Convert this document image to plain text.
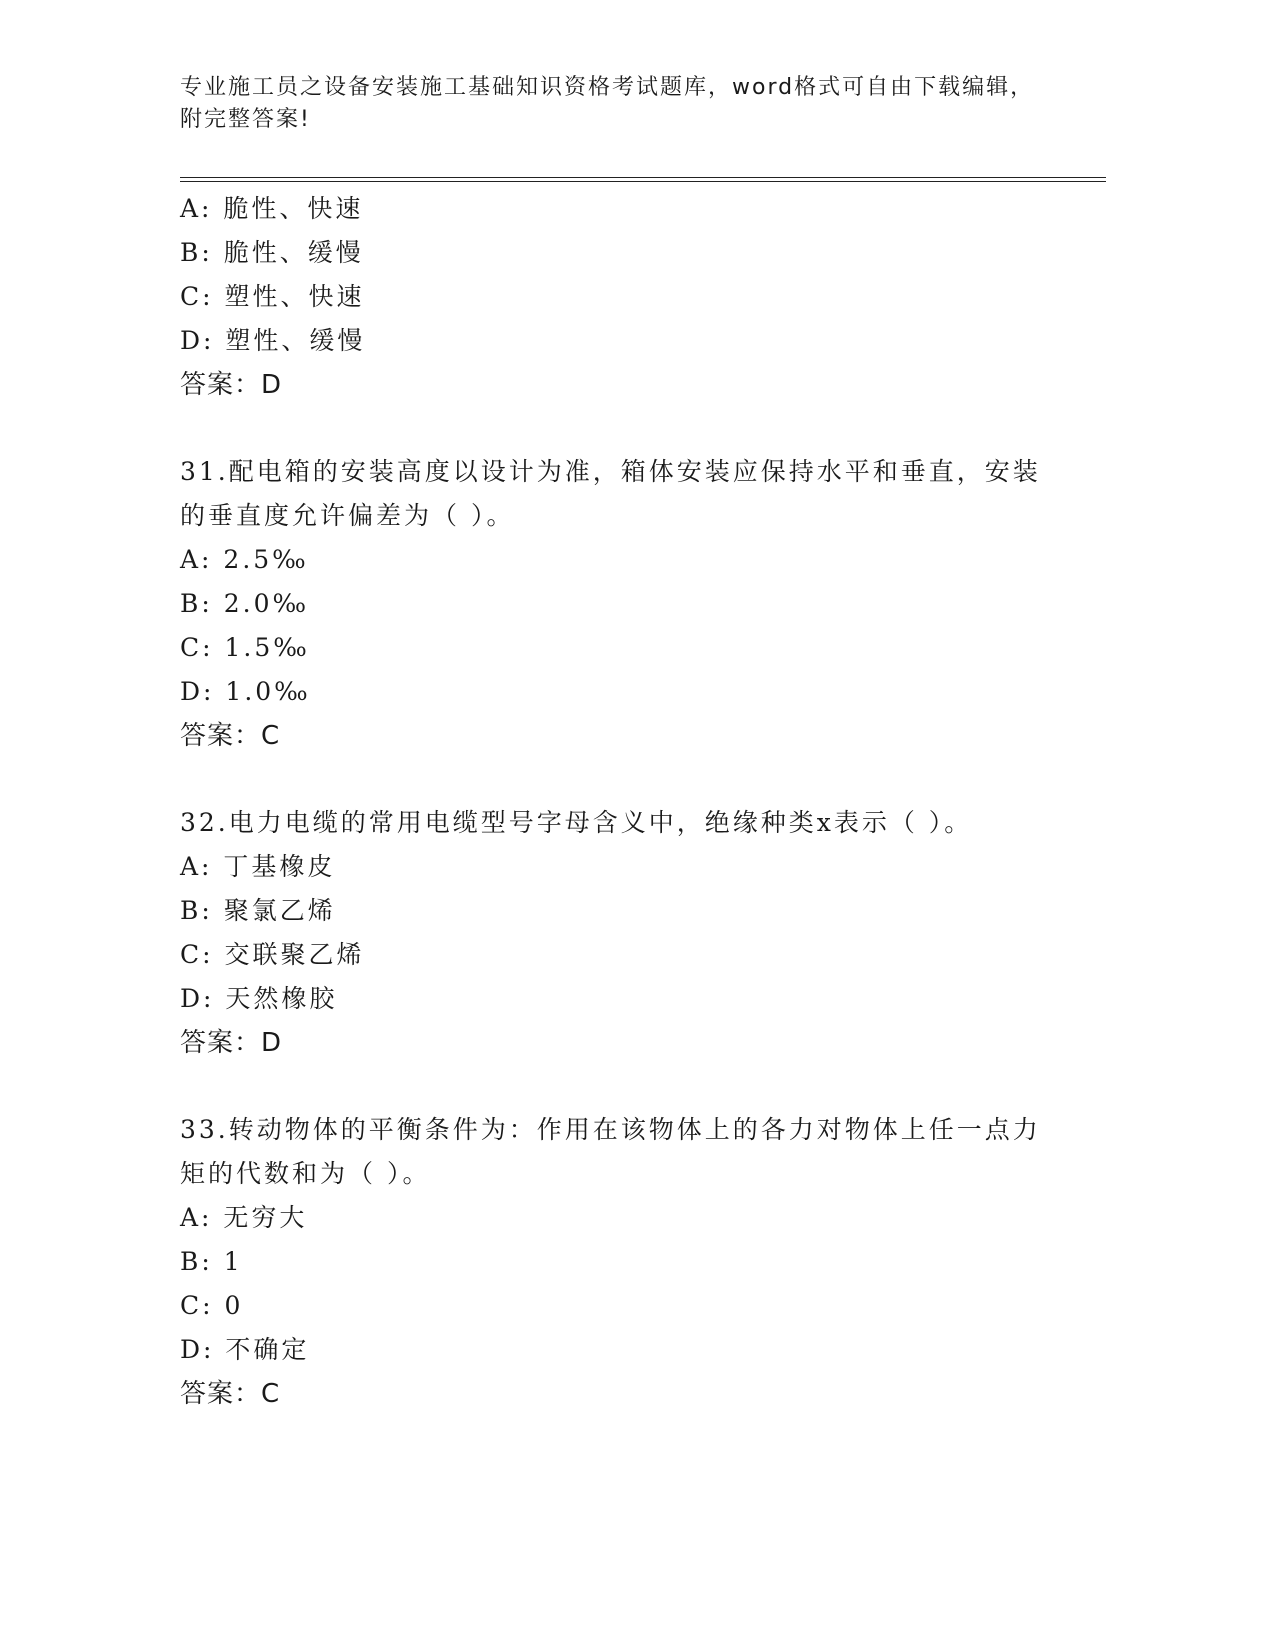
专业施工员之设备安装施工基础知识资格考试题库，word格式可自由下载编辑，
附完整答案!
A: 脆性、快速
B: 脆性、缓慢
C: 塑性、快速
D: 塑性、缓慢
答案：D
31.配电箱的安装高度以设计为准，箱体安装应保持水平和垂直，安装
的垂直度允许偏差为（ ）。
A: 2.5‰
B: 2.0‰
C: 1.5‰
D: 1.0‰
答案：C
32.电力电缆的常用电缆型号字母含义中，绝缘种类x表示（ ）。
A: 丁基橡皮
B: 聚氯乙烯
C: 交联聚乙烯
D: 天然橡胶
答案：D
33.转动物体的平衡条件为：作用在该物体上的各力对物体上任一点力
矩的代数和为（ ）。
A: 无穷大
B: 1
C: 0
D: 不确定
答案：C
